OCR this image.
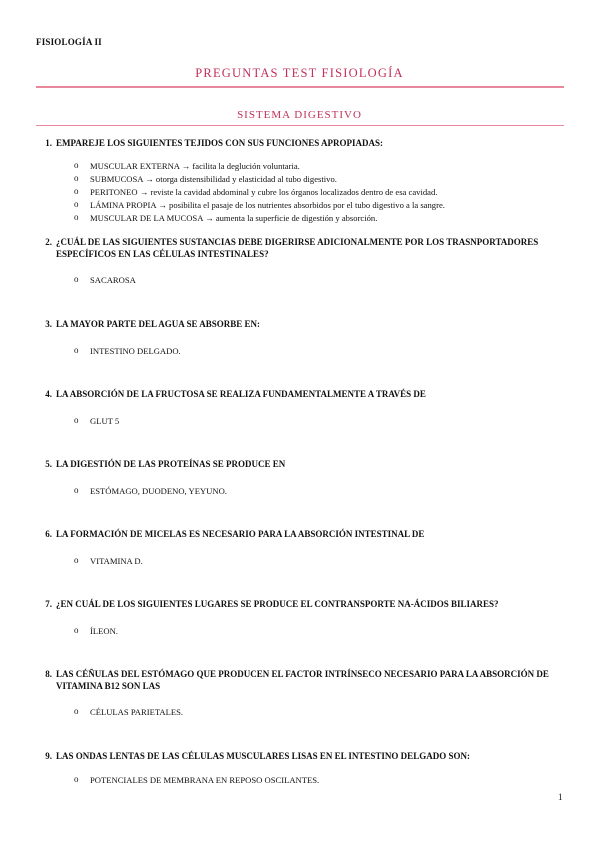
FISIOLOGÍA II
PREGUNTAS TEST FISIOLOGÍA
SISTEMA DIGESTIVO
1. EMPAREJE LOS SIGUIENTES TEJIDOS CON SUS FUNCIONES APROPIADAS:
o MUSCULAR EXTERNA → facilita la deglución voluntaria.
o SUBMUCOSA → otorga distensibilidad y elasticidad al tubo digestivo.
o PERITONEO → reviste la cavidad abdominal y cubre los órganos localizados dentro de esa cavidad.
o LÁMINA PROPIA → posibilita el pasaje de los nutrientes absorbidos por el tubo digestivo a la sangre.
o MUSCULAR DE LA MUCOSA → aumenta la superficie de digestión y absorción.
2. ¿CUÁL DE LAS SIGUIENTES SUSTANCIAS DEBE DIGERIRSE ADICIONALMENTE POR LOS TRASNPORTADORES ESPECÍFICOS EN LAS CÉLULAS INTESTINALES?
o SACAROSA
3. LA MAYOR PARTE DEL AGUA SE ABSORBE EN:
o INTESTINO DELGADO.
4. LA ABSORCIÓN DE LA FRUCTOSA SE REALIZA FUNDAMENTALMENTE A TRAVÉS DE
o GLUT 5
5. LA DIGESTIÓN DE LAS PROTEÍNAS SE PRODUCE EN
o ESTÓMAGO, DUODENO, YEYUNO.
6. LA FORMACIÓN DE MICELAS ES NECESARIO PARA LA ABSORCIÓN INTESTINAL DE
o VITAMINA D.
7. ¿EN CUÁL DE LOS SIGUIENTES LUGARES SE PRODUCE EL CONTRANSPORTE NA-ÁCIDOS BILIARES?
o ÍLEON.
8. LAS CÉÑULAS DEL ESTÓMAGO QUE PRODUCEN EL FACTOR INTRÍNSECO NECESARIO PARA LA ABSORCIÓN DE VITAMINA B12 SON LAS
o CÉLULAS PARIETALES.
9. LAS ONDAS LENTAS DE LAS CÉLULAS MUSCULARES LISAS EN EL INTESTINO DELGADO SON:
o POTENCIALES DE MEMBRANA EN REPOSO OSCILANTES.
1
